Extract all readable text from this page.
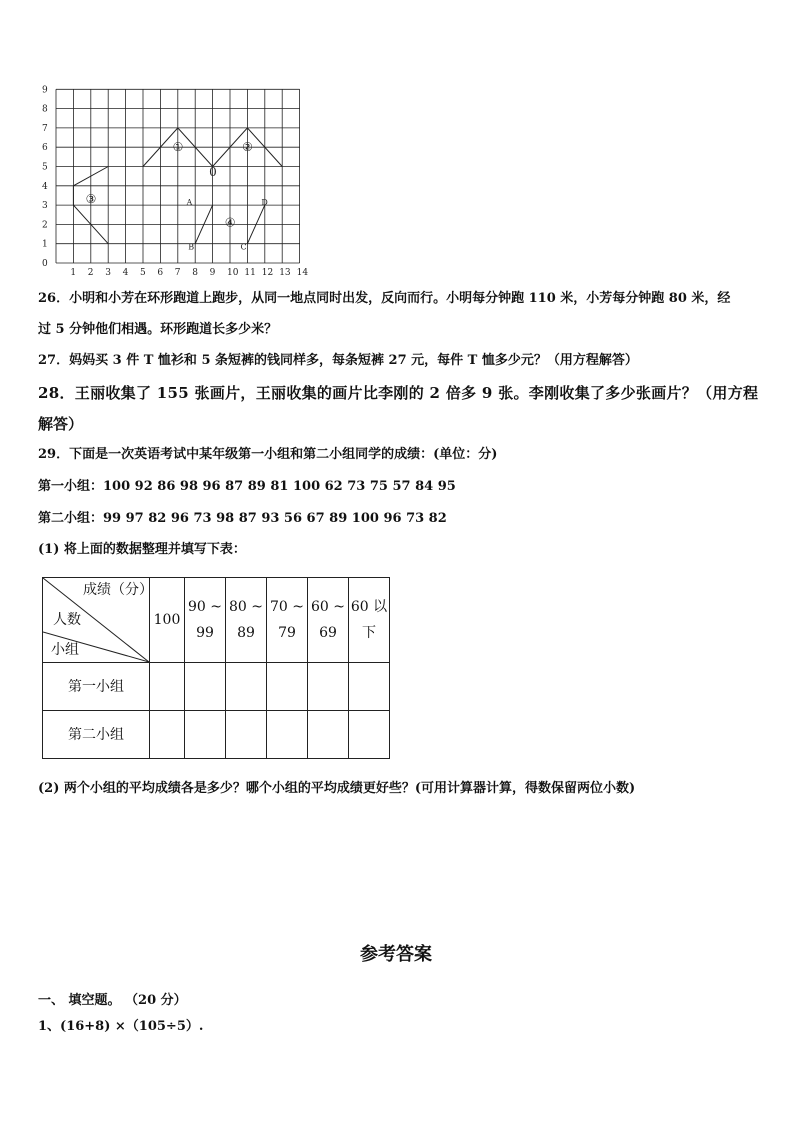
9
8
7
6
5
4
3
2
1
0
1 2 3 4 5 6 7 8 9 10 11 12 13 14
①	②
0
③
④
A	D
B	C
26．小明和小芳在环形跑道上跑步，从同一地点同时出发，反向而行。小明每分钟跑 110 米，小芳每分钟跑 80 米，经
过 5 分钟他们相遇。环形跑道长多少米？
27．妈妈买 3 件 T 恤衫和 5 条短裤的钱同样多，每条短裤 27 元，每件 T 恤多少元？（用方程解答）
28．王丽收集了 155 张画片，王丽收集的画片比李刚的 2 倍多 9 张。李刚收集了多少张画片？（用方程
解答）
29．下面是一次英语考试中某年级第一小组和第二小组同学的成绩：(单位：分)
第一小组：100 92 86 98 96 87 89 81 100 62 73 75 57 84 95
第二小组：99 97 82 96 73 98 87 93 56 67 89 100 96 73 82
(1) 将上面的数据整理并填写下表：
成绩（分）
人数
小组	100	90 ~ 99	80 ~ 89	70 ~ 79	60 ~ 69	60 以下
第一小组						
第二小组						
(2) 两个小组的平均成绩各是多少？哪个小组的平均成绩更好些？(可用计算器计算，得数保留两位小数)
参考答案
一、 填空题。 （20 分）
1、(16+8) ×（105÷5）.
